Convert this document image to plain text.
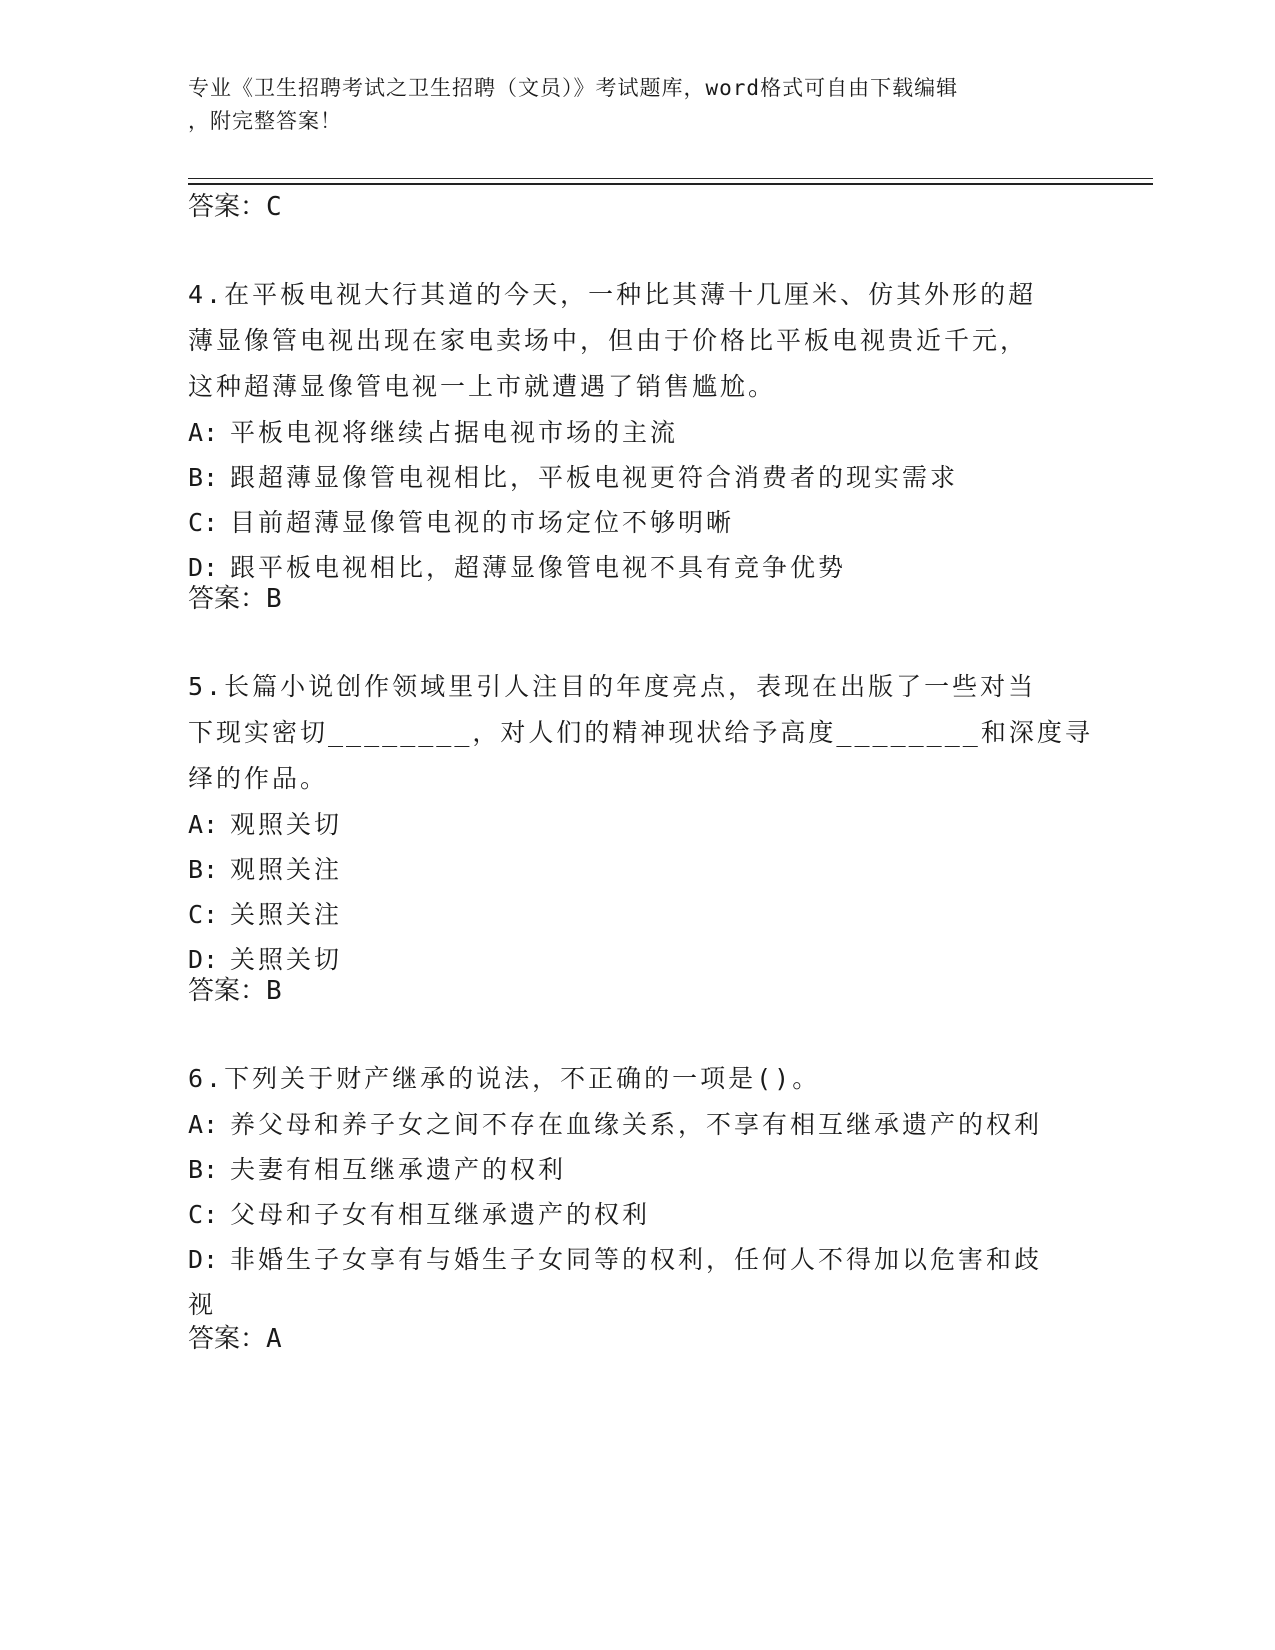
专业《卫生招聘考试之卫生招聘（文员）》考试题库，word格式可自由下载编辑
，附完整答案！
答案：C
4.在平板电视大行其道的今天，一种比其薄十几厘米、仿其外形的超
薄显像管电视出现在家电卖场中，但由于价格比平板电视贵近千元，
这种超薄显像管电视一上市就遭遇了销售尴尬。
A: 平板电视将继续占据电视市场的主流
B: 跟超薄显像管电视相比，平板电视更符合消费者的现实需求
C: 目前超薄显像管电视的市场定位不够明晰
D: 跟平板电视相比，超薄显像管电视不具有竞争优势
答案：B
5.长篇小说创作领域里引人注目的年度亮点，表现在出版了一些对当
下现实密切________，对人们的精神现状给予高度________和深度寻
绎的作品。
A: 观照关切
B: 观照关注
C: 关照关注
D: 关照关切
答案：B
6.下列关于财产继承的说法，不正确的一项是()。
A: 养父母和养子女之间不存在血缘关系，不享有相互继承遗产的权利
B: 夫妻有相互继承遗产的权利
C: 父母和子女有相互继承遗产的权利
D: 非婚生子女享有与婚生子女同等的权利，任何人不得加以危害和歧
视
答案：A
